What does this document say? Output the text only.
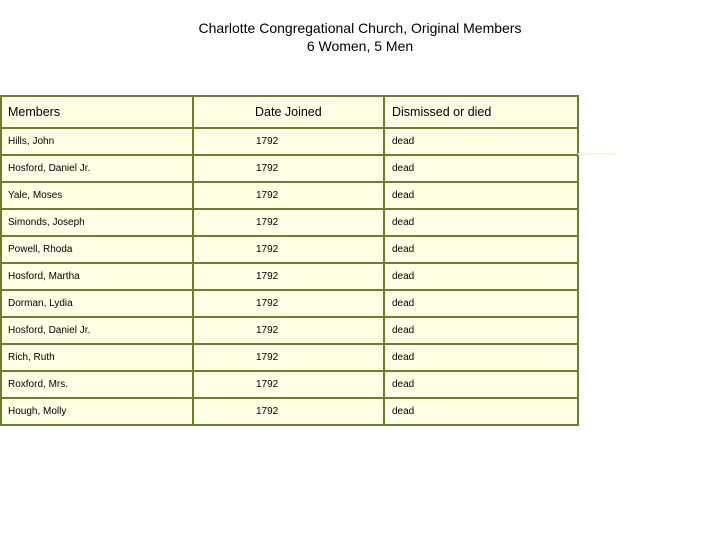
Charlotte Congregational Church, Original Members
6 Women, 5 Men
Members	Date Joined	Dismissed or died
Hills, John	1792	dead
Hosford, Daniel Jr.	1792	dead
Yale, Moses	1792	dead
Simonds, Joseph	1792	dead
Powell, Rhoda	1792	dead
Hosford, Martha	1792	dead
Dorman, Lydia	1792	dead
Hosford, Daniel Jr.	1792	dead
Rich, Ruth	1792	dead
Roxford, Mrs.	1792	dead
Hough, Molly	1792	dead
